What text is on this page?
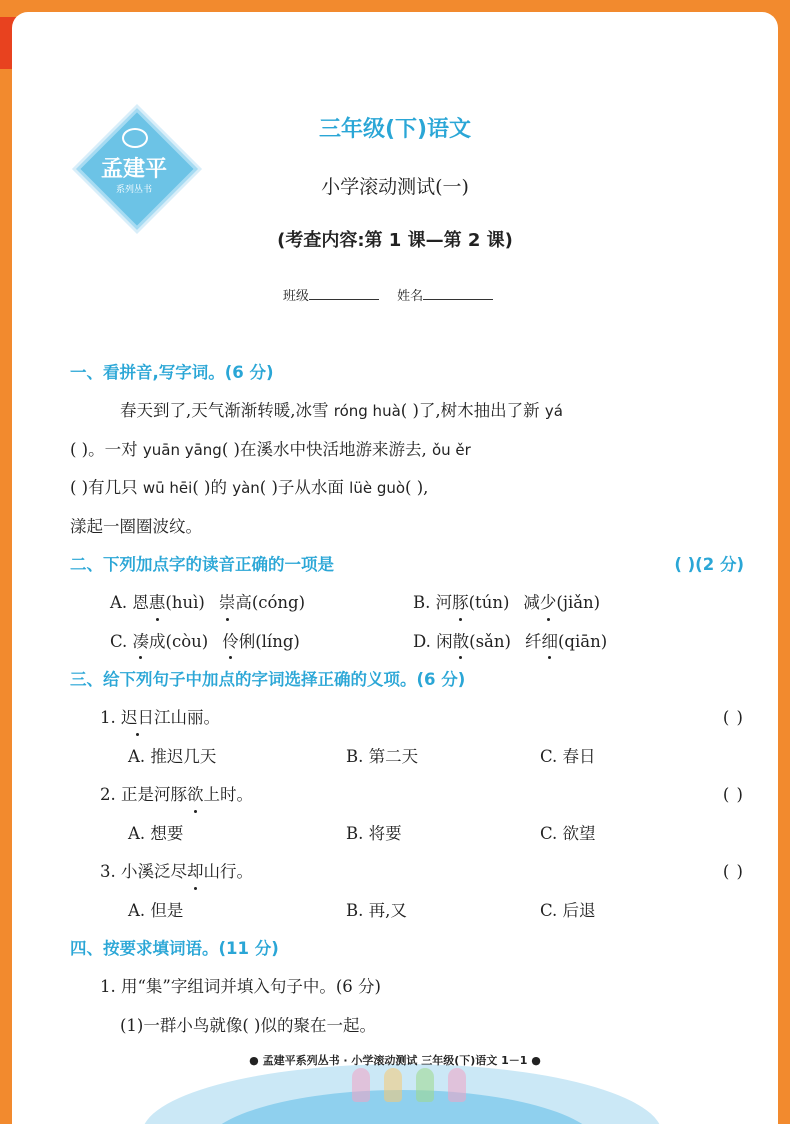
孟建平
系列丛书
三年级(下)语文
小学滚动测试(一)
(考查内容:第 1 课—第 2 课)
班级	姓名
一、看拼音,写字词。(6 分)
春天到了,天气渐渐转暖,冰雪 róng huà( )了,树木抽出了新 yá
( )。一对 yuān yāng( )在溪水中快活地游来游去, ǒu ěr
( )有几只 wū hēi( )的 yàn( )子从水面 lüè guò( ),
漾起一圈圈波纹。
二、下列加点字的读音正确的一项是	( )(2 分)
A. 恩惠(huì) 崇高(cóng)	B. 河豚(tún) 减少(jiǎn)
C. 凑成(còu) 伶俐(líng)	D. 闲散(sǎn) 纤细(qiān)
三、给下列句子中加点的字词选择正确的义项。(6 分)
1. 迟日江山丽。	( )
A. 推迟几天	B. 第二天	C. 春日
2. 正是河豚欲上时。	( )
A. 想要	B. 将要	C. 欲望
3. 小溪泛尽却山行。	( )
A. 但是	B. 再,又	C. 后退
四、按要求填词语。(11 分)
1. 用“集”字组词并填入句子中。(6 分)
(1)一群小鸟就像( )似的聚在一起。
● 孟建平系列丛书 · 小学滚动测试 三年级(下)语文 1－1 ●
